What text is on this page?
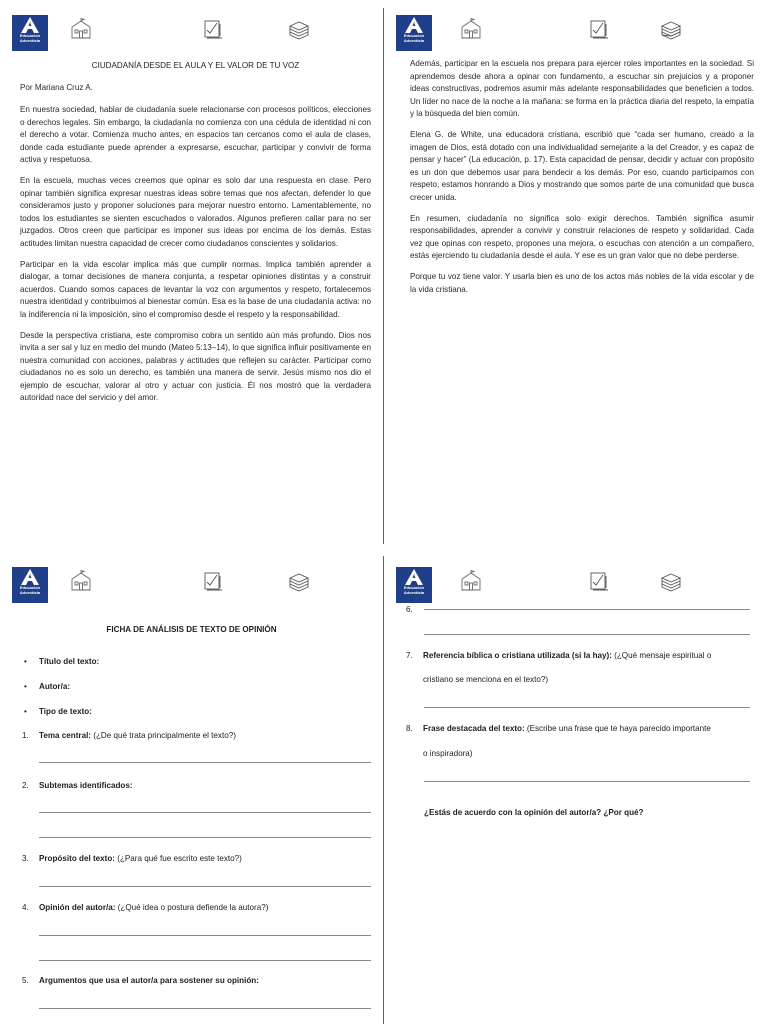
Educación
Adventista
CIUDADANÍA DESDE EL AULA Y EL VALOR DE TU VOZ
Por Mariana Cruz A.

En nuestra sociedad, hablar de ciudadanía suele relacionarse con procesos políticos, elecciones o derechos legales. Sin embargo, la ciudadanía no comienza con una cédula de identidad ni con el derecho a votar. Comienza mucho antes, en espacios tan cercanos como el aula de clases, donde cada estudiante puede aprender a expresarse, escuchar, participar y convivir de forma activa y respetuosa.

En la escuela, muchas veces creemos que opinar es solo dar una respuesta en clase. Pero opinar también significa expresar nuestras ideas sobre temas que nos afectan, defender lo que consideramos justo y proponer soluciones para mejorar nuestro entorno. Lamentablemente, no todos los estudiantes se sienten escuchados o valorados. Algunos prefieren callar para no ser juzgados. Otros creen que participar es imponer sus ideas por encima de los demás. Estas actitudes limitan nuestra capacidad de crecer como ciudadanos conscientes y solidarios.

Participar en la vida escolar implica más que cumplir normas. Implica también aprender a dialogar, a tomar decisiones de manera conjunta, a respetar opiniones distintas y a construir acuerdos. Cuando somos capaces de levantar la voz con argumentos y respeto, fortalecemos nuestra identidad y contribuimos al bienestar común. Esa es la base de una ciudadanía activa: no la indiferencia ni la imposición, sino el compromiso desde el respeto y la responsabilidad.

Desde la perspectiva cristiana, este compromiso cobra un sentido aún más profundo. Dios nos invita a ser sal y luz en medio del mundo (Mateo 5:13–14), lo que significa influir positivamente en nuestra comunidad con acciones, palabras y actitudes que reflejen su carácter. Participar como ciudadanos no es solo un derecho, es también una manera de servir. Jesús mismo nos dio el ejemplo de escuchar, valorar al otro y actuar con justicia. Él nos mostró que la verdadera autoridad nace del servicio y del amor.

Educación
Adventista

Además, participar en la escuela nos prepara para ejercer roles importantes en la sociedad. Si aprendemos desde ahora a opinar con fundamento, a escuchar sin prejuicios y a proponer ideas constructivas, podremos asumir más adelante responsabilidades que beneficien a todos. Un líder no nace de la noche a la mañana: se forma en la práctica diaria del respeto, la empatía y la búsqueda del bien común.

Elena G. de White, una educadora cristiana, escribió que “cada ser humano, creado a la imagen de Dios, está dotado con una individualidad semejante a la del Creador, y es capaz de pensar y hacer” (La educación, p. 17). Esta capacidad de pensar, decidir y actuar con propósito es un don que debemos usar para bendecir a los demás. Por eso, cuando participamos con respeto, estamos honrando a Dios y mostrando que somos parte de una comunidad que busca crecer unida.

En resumen, ciudadanía no significa solo exigir derechos. También significa asumir responsabilidades, aprender a convivir y construir relaciones de respeto y solidaridad. Cada vez que opinas con respeto, propones una mejora, o escuchas con atención a un compañero, estás ejerciendo tu ciudadanía desde el aula. Y ese es un gran valor que no debe perderse.

Porque tu voz tiene valor. Y usarla bien es uno de los actos más nobles de la vida escolar y de la vida cristiana.

Educación
Adventista
FICHA DE ANÁLISIS DE TEXTO DE OPINIÓN
•	Título del texto:
•	Autor/a:
•	Tipo de texto:
1.	Tema central: (¿De qué trata principalmente el texto?)
2.	Subtemas identificados:
3.	Propósito del texto: (¿Para qué fue escrito este texto?)
4.	Opinión del autor/a: (¿Qué idea o postura defiende la autora?)
5.	Argumentos que usa el autor/a para sostener su opinión:
Educación
Adventista
6.
7.	Referencia bíblica o cristiana utilizada (si la hay): (¿Qué mensaje espiritual o
cristiano se menciona en el texto?)
8.	Frase destacada del texto: (Escribe una frase que te haya parecido importante
o inspiradora)
¿Estás de acuerdo con la opinión del autor/a? ¿Por qué?
